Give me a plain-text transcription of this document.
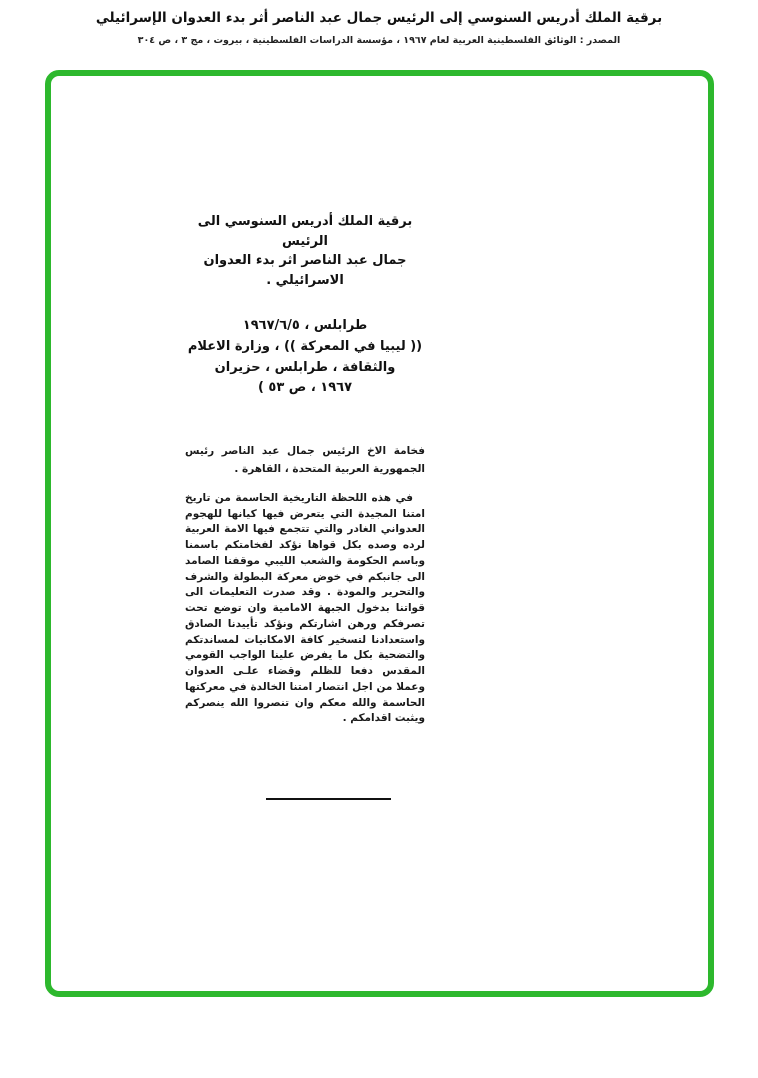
برقية الملك أدريس السنوسي إلى الرئيس جمال عبد الناصر أثر بدء العدوان الإسرائيلي
المصدر : الوثائق الفلسطينية العربية لعام ١٩٦٧ ، مؤسسة الدراسات الفلسطينية ، بيروت ، مج ٣ ، ص ٣٠٤
برقية الملك أدريس السنوسي الى الرئيس
جمال عبد الناصر اثر بدء العدوان
الاسرائيلي .
طرابلس ، ١٩٦٧/٦/٥
(( ليبيا في المعركة )) ، وزارة الاعلام
والثقافة ، طرابلس ، حزيران
١٩٦٧ ، ص ٥٣ )

فخامة الاخ الرئيس جمال عبد الناصر رئيس الجمهورية العربية المتحدة ، القاهرة .

في هذه اللحظة التاريخية الحاسمة من تاريخ امتنا المجيدة التي يتعرض فيها كيانها للهجوم العدواني الغادر والتي تتجمع فيها الامة العربية لرده وصده بكل قواها نؤكد لفخامتكم باسمنا وباسم الحكومة والشعب الليبي موقفنا الصامد الى جانبكم في خوض معركة البطولة والشرف والتحرير والمودة . وقد صدرت التعليمات الى قواتنا بدخول الجبهة الامامية وان توضع تحت تصرفكم ورهن اشارتكم ونؤكد تأييدنا الصادق واستعدادنا لتسخير كافة الامكانيات لمساندتكم والتضحية بكل ما يفرض علينا الواجب القومي المقدس دفعا للظلم وقضاء علـى العدوان وعملا من اجل انتصار امتنا الخالدة في معركتها الحاسمة والله معكم وان تنصروا الله ينصركم ويثبت اقدامكم .
